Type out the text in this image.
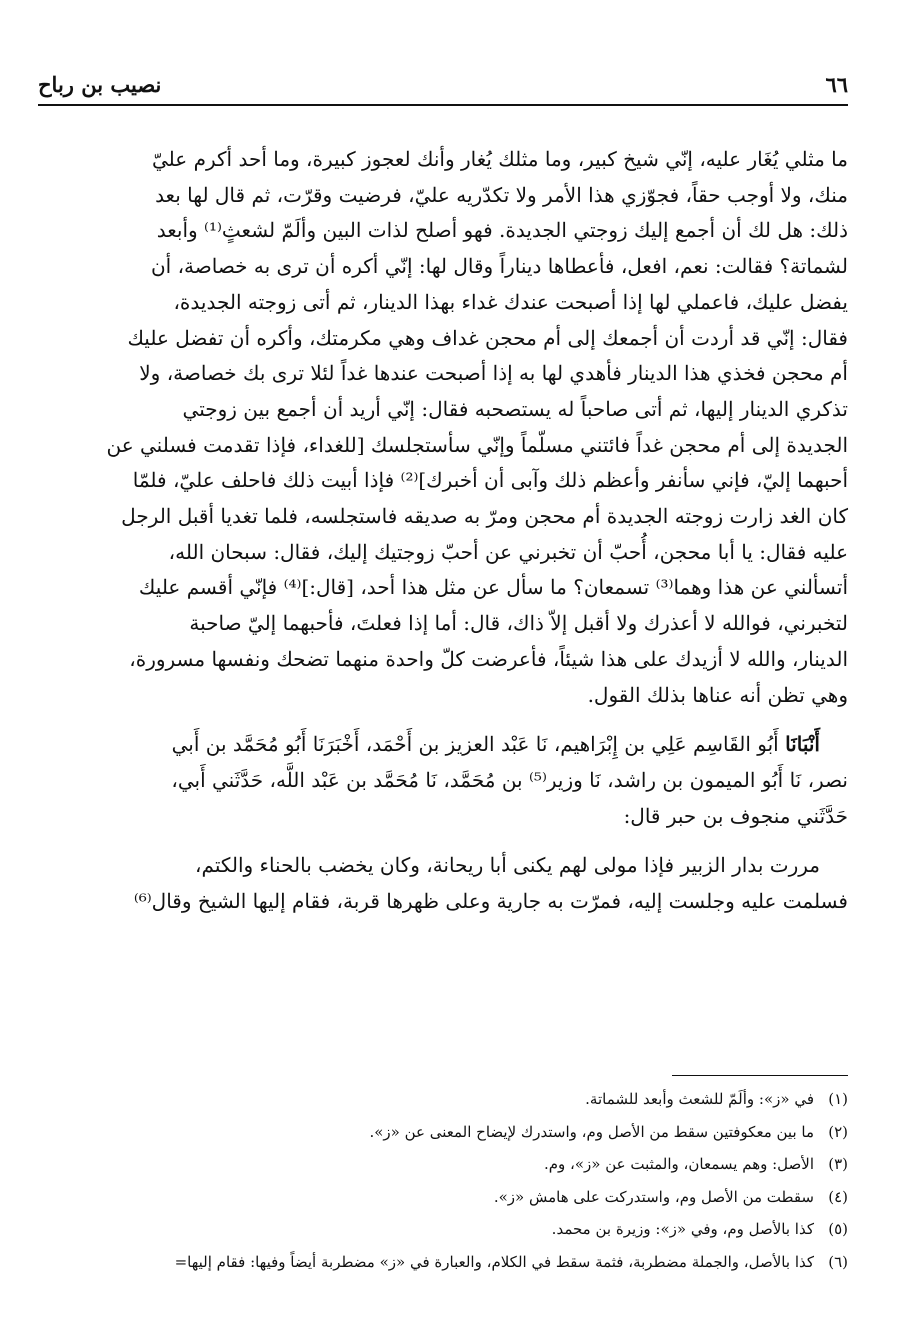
٦٦
نصيب بن رباح

ما مثلي يُغَار عليه، إنّي شيخ كبير، وما مثلك يُغار وأنك لعجوز كبيرة، وما أحد أكرم عليّ

منك، ولا أوجب حقاً، فجوّزي هذا الأمر ولا تكدّريه عليّ، فرضيت وقرّت، ثم قال لها بعد

ذلك: هل لك أن أجمع إليك زوجتي الجديدة. فهو أصلح لذات البين وألَمّ لشعثٍ⁽¹⁾ وأبعد

لشماتة؟ فقالت: نعم، افعل، فأعطاها ديناراً وقال لها: إنّي أكره أن ترى به خصاصة، أن

يفضل عليك، فاعملي لها إذا أصبحت عندك غداء بهذا الدينار، ثم أتى زوجته الجديدة،

فقال: إنّي قد أردت أن أجمعك إلى أم محجن غداف وهي مكرمتك، وأكره أن تفضل عليك

أم محجن فخذي هذا الدينار فأهدي لها به إذا أصبحت عندها غداً لئلا ترى بك خصاصة، ولا

تذكري الدينار إليها، ثم أتى صاحباً له يستصحبه فقال: إنّي أريد أن أجمع بين زوجتي

الجديدة إلى أم محجن غداً فائتني مسلّماً وإنّي سأستجلسك [للغداء، فإذا تقدمت فسلني عن

أحبهما إليّ، فإني سأنفر وأعظم ذلك وآبى أن أخبرك]⁽²⁾ فإذا أبيت ذلك فاحلف عليّ، فلمّا

كان الغد زارت زوجته الجديدة أم محجن ومرّ به صديقه فاستجلسه، فلما تغديا أقبل الرجل

عليه فقال: يا أبا محجن، أُحبّ أن تخبرني عن أحبّ زوجتيك إليك، فقال: سبحان الله،

أتسألني عن هذا وهما⁽³⁾ تسمعان؟ ما سأل عن مثل هذا أحد، [قال:]⁽⁴⁾ فإنّي أقسم عليك

لتخبرني، فوالله لا أعذرك ولا أقبل إلاّ ذاك، قال: أما إذا فعلتَ، فأحبهما إليّ صاحبة

الدينار، والله لا أزيدك على هذا شيئاً، فأعرضت كلّ واحدة منهما تضحك ونفسها مسرورة،

وهي تظن أنه عناها بذلك القول.

أَنْبَانَا أَبُو القَاسِم عَلِي بن إِبْرَاهيم، نَا عَبْد العزيز بن أَحْمَد، أَخْبَرَنَا أَبُو مُحَمَّد بن أَبي

نصر، نَا أَبُو الميمون بن راشد، نَا وزير⁽⁵⁾ بن مُحَمَّد، نَا مُحَمَّد بن عَبْد اللَّه، حَدَّثَني أَبي،

حَدَّثَني منجوف بن حبر قال:

مررت بدار الزبير فإذا مولى لهم يكنى أبا ريحانة، وكان يخضب بالحناء والكتم،

فسلمت عليه وجلست إليه، فمرّت به جارية وعلى ظهرها قربة، فقام إليها الشيخ وقال⁽⁶⁾

(١)في «ز»: وألَمّ للشعث وأبعد للشماتة.
(٢)ما بين معكوفتين سقط من الأصل وم، واستدرك لإيضاح المعنى عن «ز».
(٣)الأصل: وهم يسمعان، والمثبت عن «ز»، وم.
(٤)سقطت من الأصل وم، واستدركت على هامش «ز».
(٥)كذا بالأصل وم، وفي «ز»: وزيرة بن محمد.
(٦)كذا بالأصل، والجملة مضطربة، فثمة سقط في الكلام، والعبارة في «ز» مضطربة أيضاً وفيها: فقام إليها=
